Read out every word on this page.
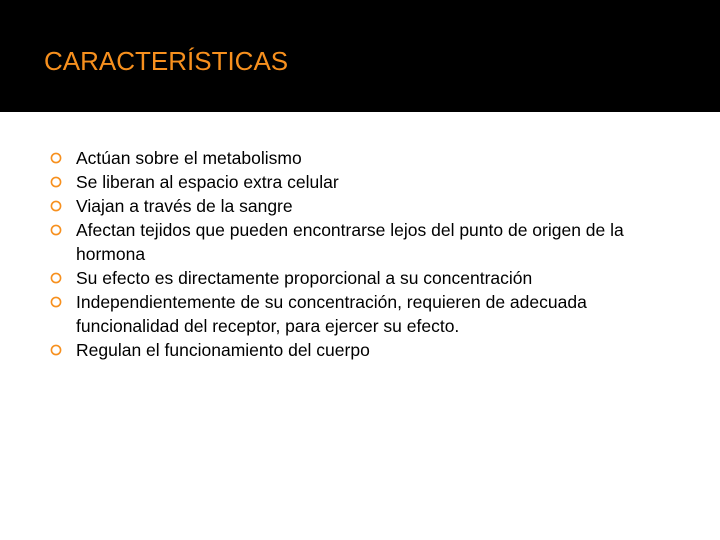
CARACTERÍSTICAS
Actúan sobre el metabolismo
Se liberan al espacio extra celular
Viajan a través de la sangre
Afectan tejidos que pueden encontrarse lejos del punto de origen de la hormona
Su efecto es directamente proporcional a su concentración
Independientemente de su concentración, requieren de adecuada funcionalidad del receptor, para ejercer su efecto.
Regulan el funcionamiento del cuerpo
